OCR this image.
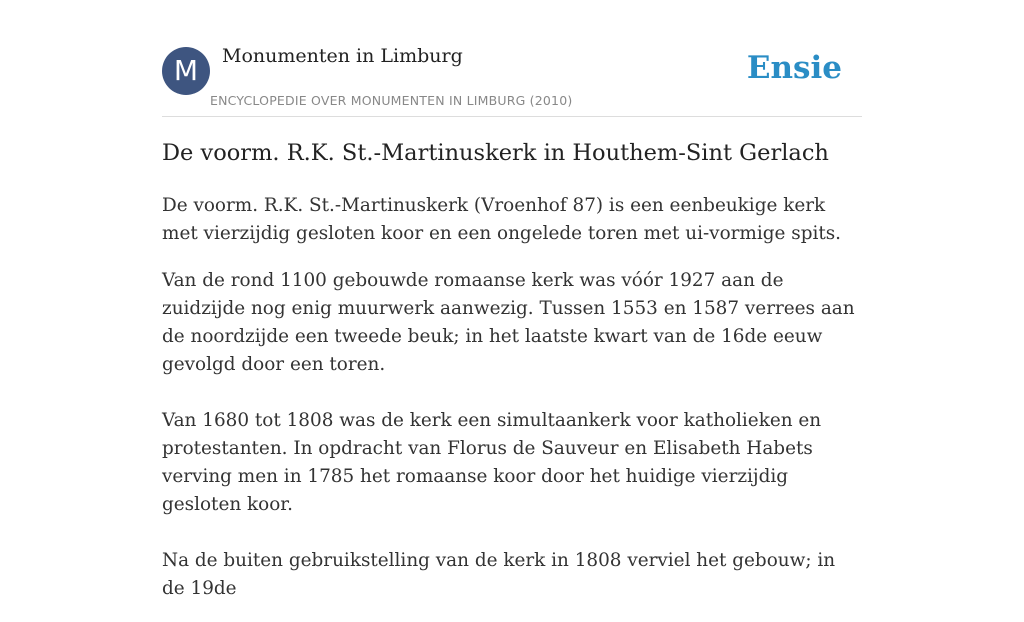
M	Monumenten in Limburg
ENCYCLOPEDIE OVER MONUMENTEN IN LIMBURG (2010)
Ensie
De voorm. R.K. St.-Martinuskerk in Houthem-Sint Gerlach

De voorm. R.K. St.-Martinuskerk (Vroenhof 87) is een eenbeukige kerk met vierzijdig gesloten koor en een ongelede toren met ui-vormige spits.

Van de rond 1100 gebouwde romaanse kerk was vóór 1927 aan de zuidzijde nog enig muurwerk aanwezig. Tussen 1553 en 1587 verrees aan de noordzijde een tweede beuk; in het laatste kwart van de 16de eeuw gevolgd door een toren.

Van 1680 tot 1808 was de kerk een simultaankerk voor katholieken en protestanten. In opdracht van Florus de Sauveur en Elisabeth Habets verving men in 1785 het romaanse koor door het huidige vierzijdig gesloten koor.

Na de buiten gebruikstelling van de kerk in 1808 verviel het gebouw; in de 19de
